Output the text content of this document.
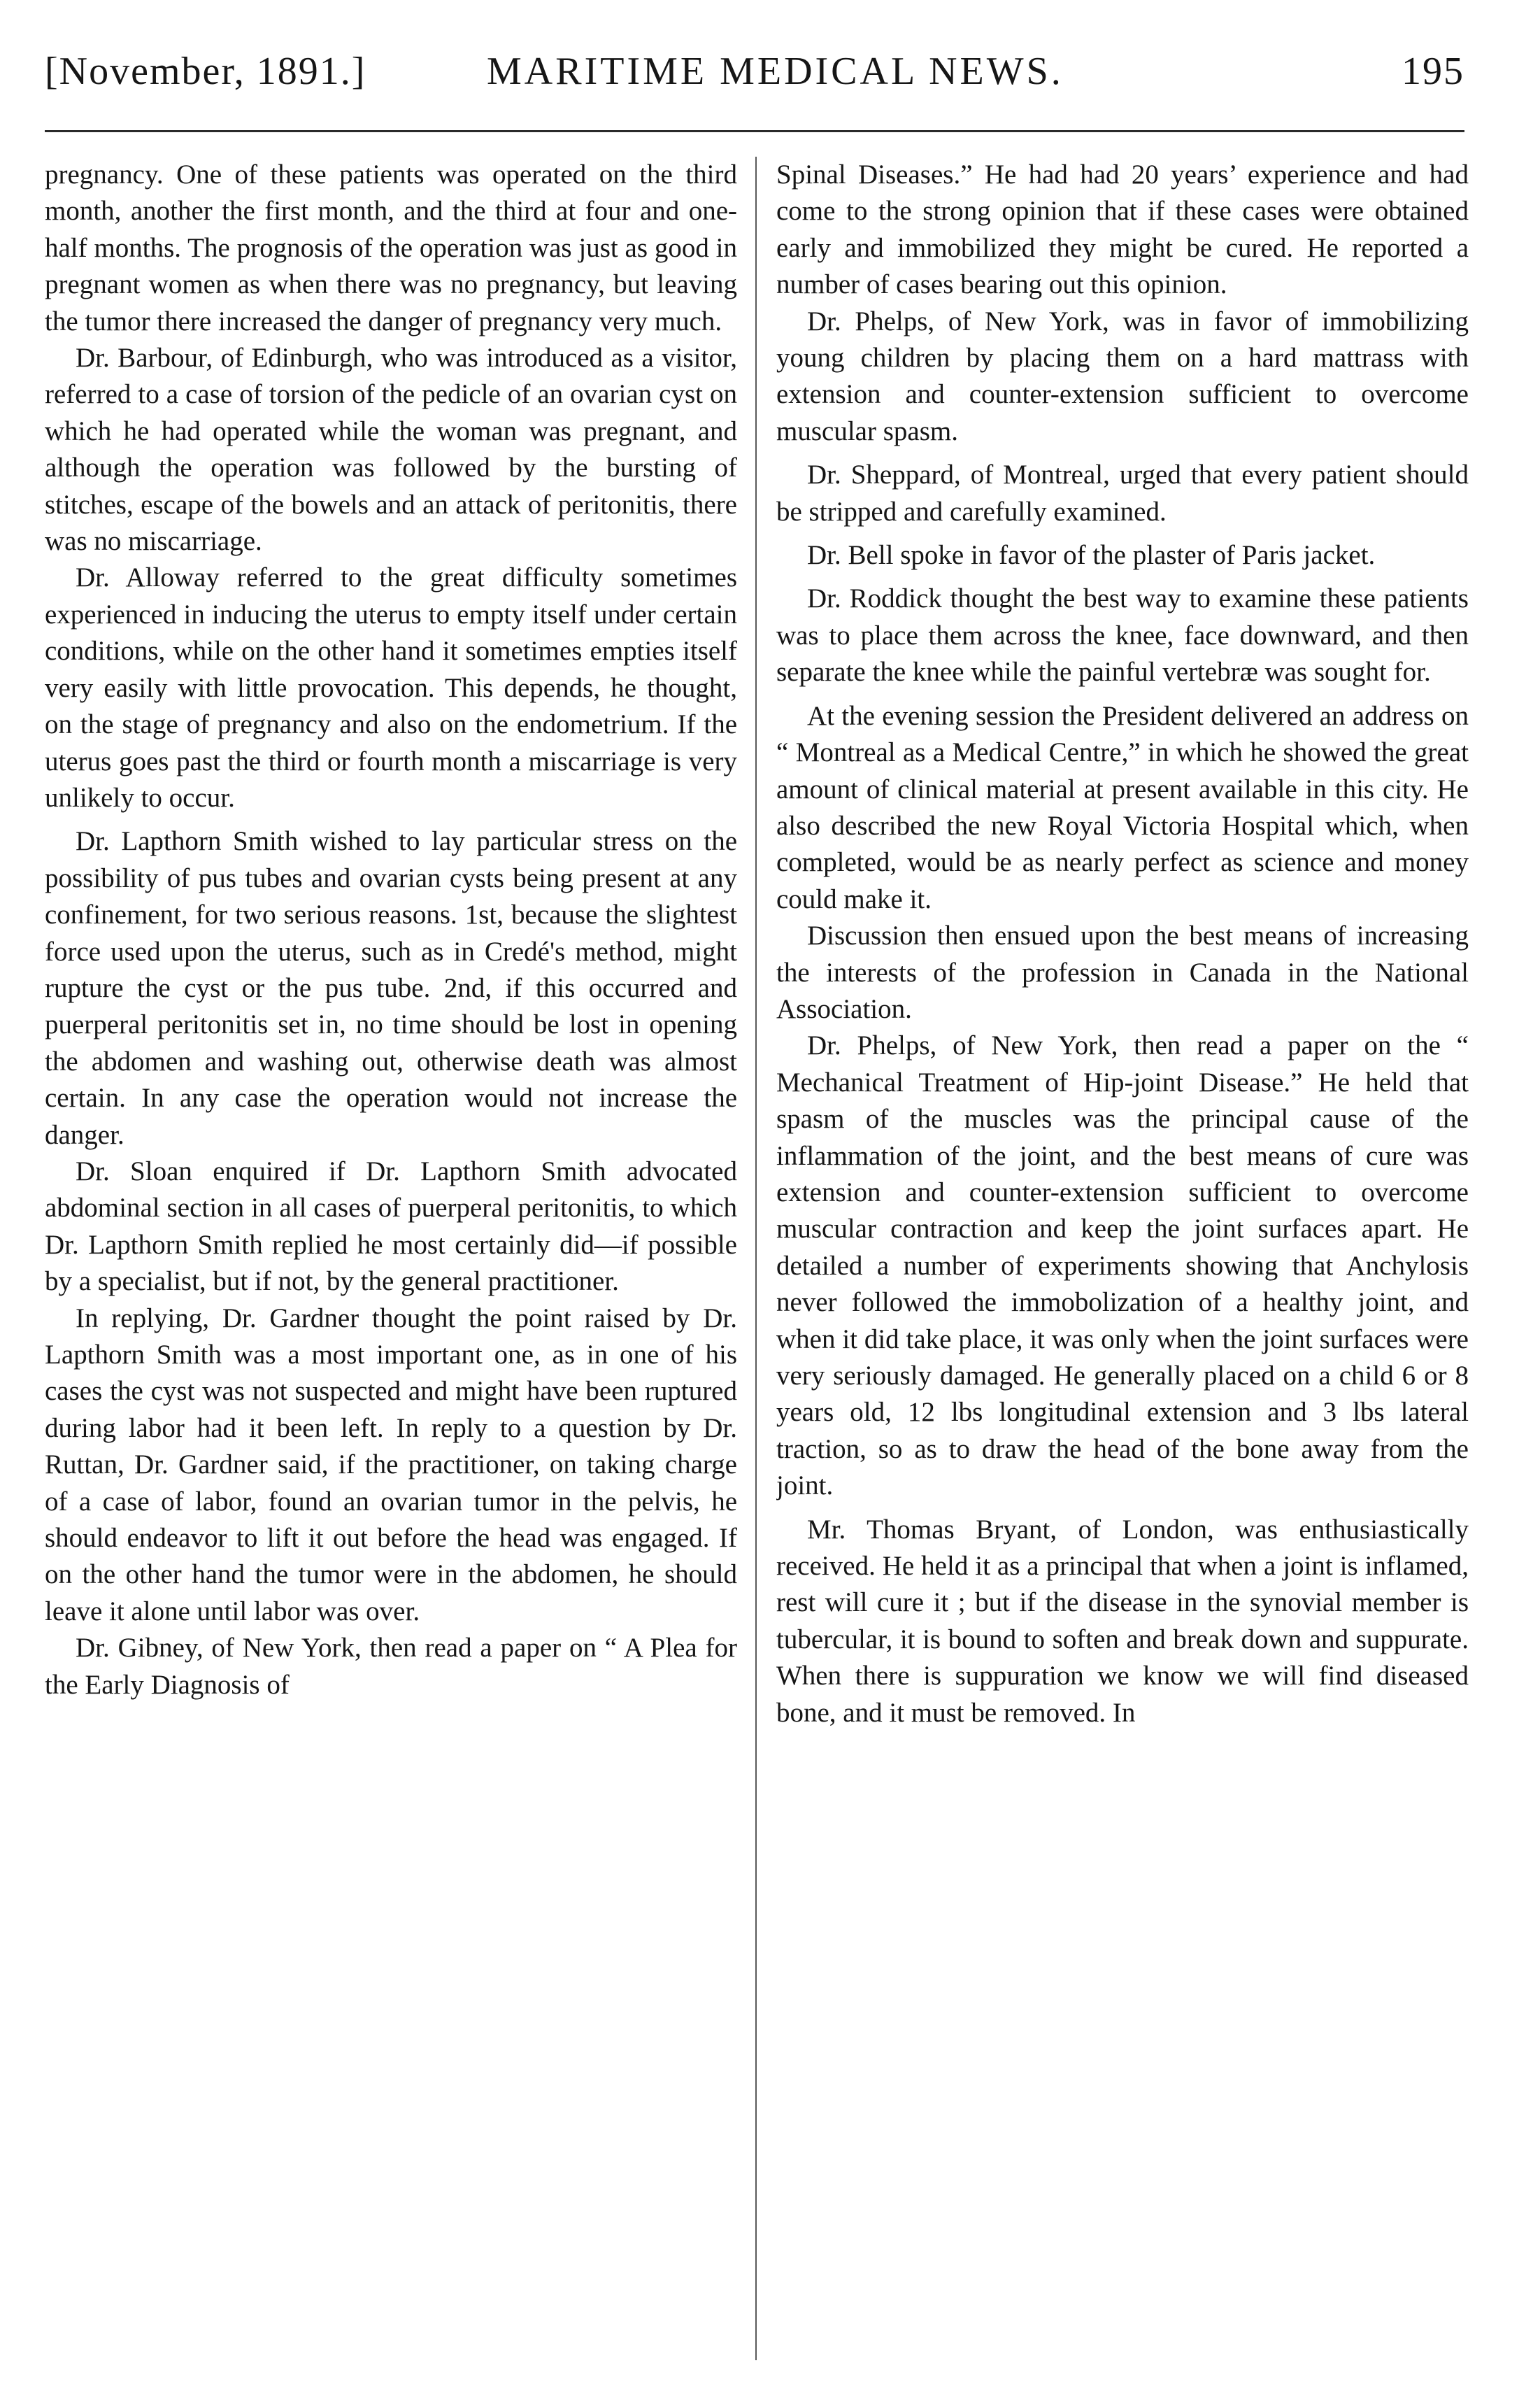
[November, 1891.]	MARITIME MEDICAL NEWS.	195

pregnancy. One of these patients was operated on the third month, another the first month, and the third at four and one-half months. The prognosis of the operation was just as good in pregnant women as when there was no pregnancy, but leaving the tumor there increased the danger of pregnancy very much.

Dr. Barbour, of Edinburgh, who was introduced as a visitor, referred to a case of torsion of the pedicle of an ovarian cyst on which he had operated while the woman was pregnant, and although the operation was followed by the bursting of stitches, escape of the bowels and an attack of peritonitis, there was no miscarriage.

Dr. Alloway referred to the great difficulty sometimes experienced in inducing the uterus to empty itself under certain conditions, while on the other hand it sometimes empties itself very easily with little provocation. This depends, he thought, on the stage of pregnancy and also on the endometrium. If the uterus goes past the third or fourth month a miscarriage is very unlikely to occur.

Dr. Lapthorn Smith wished to lay particular stress on the possibility of pus tubes and ovarian cysts being present at any confinement, for two serious reasons. 1st, because the slightest force used upon the uterus, such as in Credé's method, might rupture the cyst or the pus tube. 2nd, if this occurred and puerperal peritonitis set in, no time should be lost in opening the abdomen and washing out, otherwise death was almost certain. In any case the operation would not increase the danger.

Dr. Sloan enquired if Dr. Lapthorn Smith advocated abdominal section in all cases of puerperal peritonitis, to which Dr. Lapthorn Smith replied he most certainly did—if possible by a specialist, but if not, by the general practitioner.

In replying, Dr. Gardner thought the point raised by Dr. Lapthorn Smith was a most important one, as in one of his cases the cyst was not suspected and might have been ruptured during labor had it been left. In reply to a question by Dr. Ruttan, Dr. Gardner said, if the practitioner, on taking charge of a case of labor, found an ovarian tumor in the pelvis, he should endeavor to lift it out before the head was engaged. If on the other hand the tumor were in the abdomen, he should leave it alone until labor was over.

Dr. Gibney, of New York, then read a paper on “ A Plea for the Early Diagnosis of

Spinal Diseases.” He had had 20 years’ experience and had come to the strong opinion that if these cases were obtained early and immobilized they might be cured. He reported a number of cases bearing out this opinion.

Dr. Phelps, of New York, was in favor of immobilizing young children by placing them on a hard mattrass with extension and counter-extension sufficient to overcome muscular spasm.

Dr. Sheppard, of Montreal, urged that every patient should be stripped and carefully examined.

Dr. Bell spoke in favor of the plaster of Paris jacket.

Dr. Roddick thought the best way to examine these patients was to place them across the knee, face downward, and then separate the knee while the painful vertebræ was sought for.

At the evening session the President delivered an address on “ Montreal as a Medical Centre,” in which he showed the great amount of clinical material at present available in this city. He also described the new Royal Victoria Hospital which, when completed, would be as nearly perfect as science and money could make it.

Discussion then ensued upon the best means of increasing the interests of the profession in Canada in the National Association.

Dr. Phelps, of New York, then read a paper on the “ Mechanical Treatment of Hip-joint Disease.” He held that spasm of the muscles was the principal cause of the inflammation of the joint, and the best means of cure was extension and counter-extension sufficient to overcome muscular contraction and keep the joint surfaces apart. He detailed a number of experiments showing that Anchylosis never followed the immobolization of a healthy joint, and when it did take place, it was only when the joint surfaces were very seriously damaged. He generally placed on a child 6 or 8 years old, 12 lbs longitudinal extension and 3 lbs lateral traction, so as to draw the head of the bone away from the joint.

Mr. Thomas Bryant, of London, was enthusiastically received. He held it as a principal that when a joint is inflamed, rest will cure it ; but if the disease in the synovial member is tubercular, it is bound to soften and break down and suppurate. When there is suppuration we know we will find diseased bone, and it must be removed. In
